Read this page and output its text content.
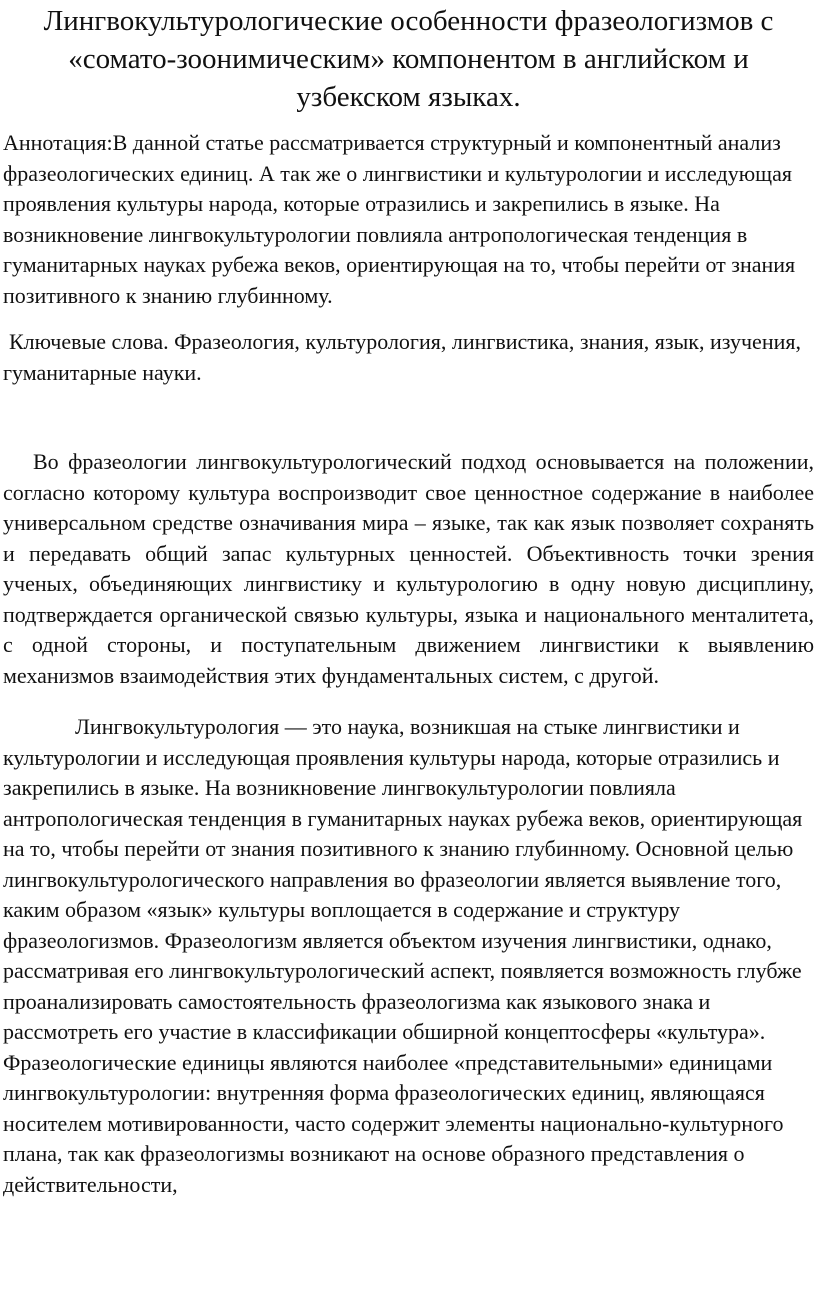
Лингвокультурологические особенности фразеологизмов с «сомато-зоонимическим» компонентом в английском и узбекском языках.

Аннотация:В данной статье рассматривается структурный и компонентный анализ фразеологических единиц. А так же о лингвистики и культурологии и исследующая проявления культуры народа, которые отразились и закрепились в языке. На возникновение лингвокультурологии повлияла антропологическая тенденция в гуманитарных науках рубежа веков, ориентирующая на то, чтобы перейти от знания позитивного к знанию глубинному.

Ключевые слова. Фразеология, культурология, лингвистика, знания, язык, изучения, гуманитарные науки.

Во фразеологии лингвокультурологический подход основывается на положении, согласно которому культура воспроизводит свое ценностное содержание в наиболее универсальном средстве означивания мира – языке, так как язык позволяет сохранять и передавать общий запас культурных ценностей. Объективность точки зрения ученых, объединяющих лингвистику и культурологию в одну новую дисциплину, подтверждается органической связью культуры, языка и национального менталитета, с одной стороны, и поступательным движением лингвистики к выявлению механизмов взаимодействия этих фундаментальных систем, с другой.

Лингвокультурология — это наука, возникшая на стыке лингвистики и культурологии и исследующая проявления культуры народа, которые отразились и закрепились в языке. На возникновение лингвокультурологии повлияла антропологическая тенденция в гуманитарных науках рубежа веков, ориентирующая на то, чтобы перейти от знания позитивного к знанию глубинному. Основной целью лингвокультурологического направления во фразеологии является выявление того, каким образом «язык» культуры воплощается в содержание и структуру фразеологизмов. Фразеологизм является объектом изучения лингвистики, однако, рассматривая его лингвокультурологический аспект, появляется возможность глубже проанализировать самостоятельность фразеологизма как языкового знака и рассмотреть его участие в классификации обширной концептосферы «культура». Фразеологические единицы являются наиболее «представительными» единицами лингвокультурологии: внутренняя форма фразеологических единиц, являющаяся носителем мотивированности, часто содержит элементы национально-культурного плана, так как фразеологизмы возникают на основе образного представления о действительности,
